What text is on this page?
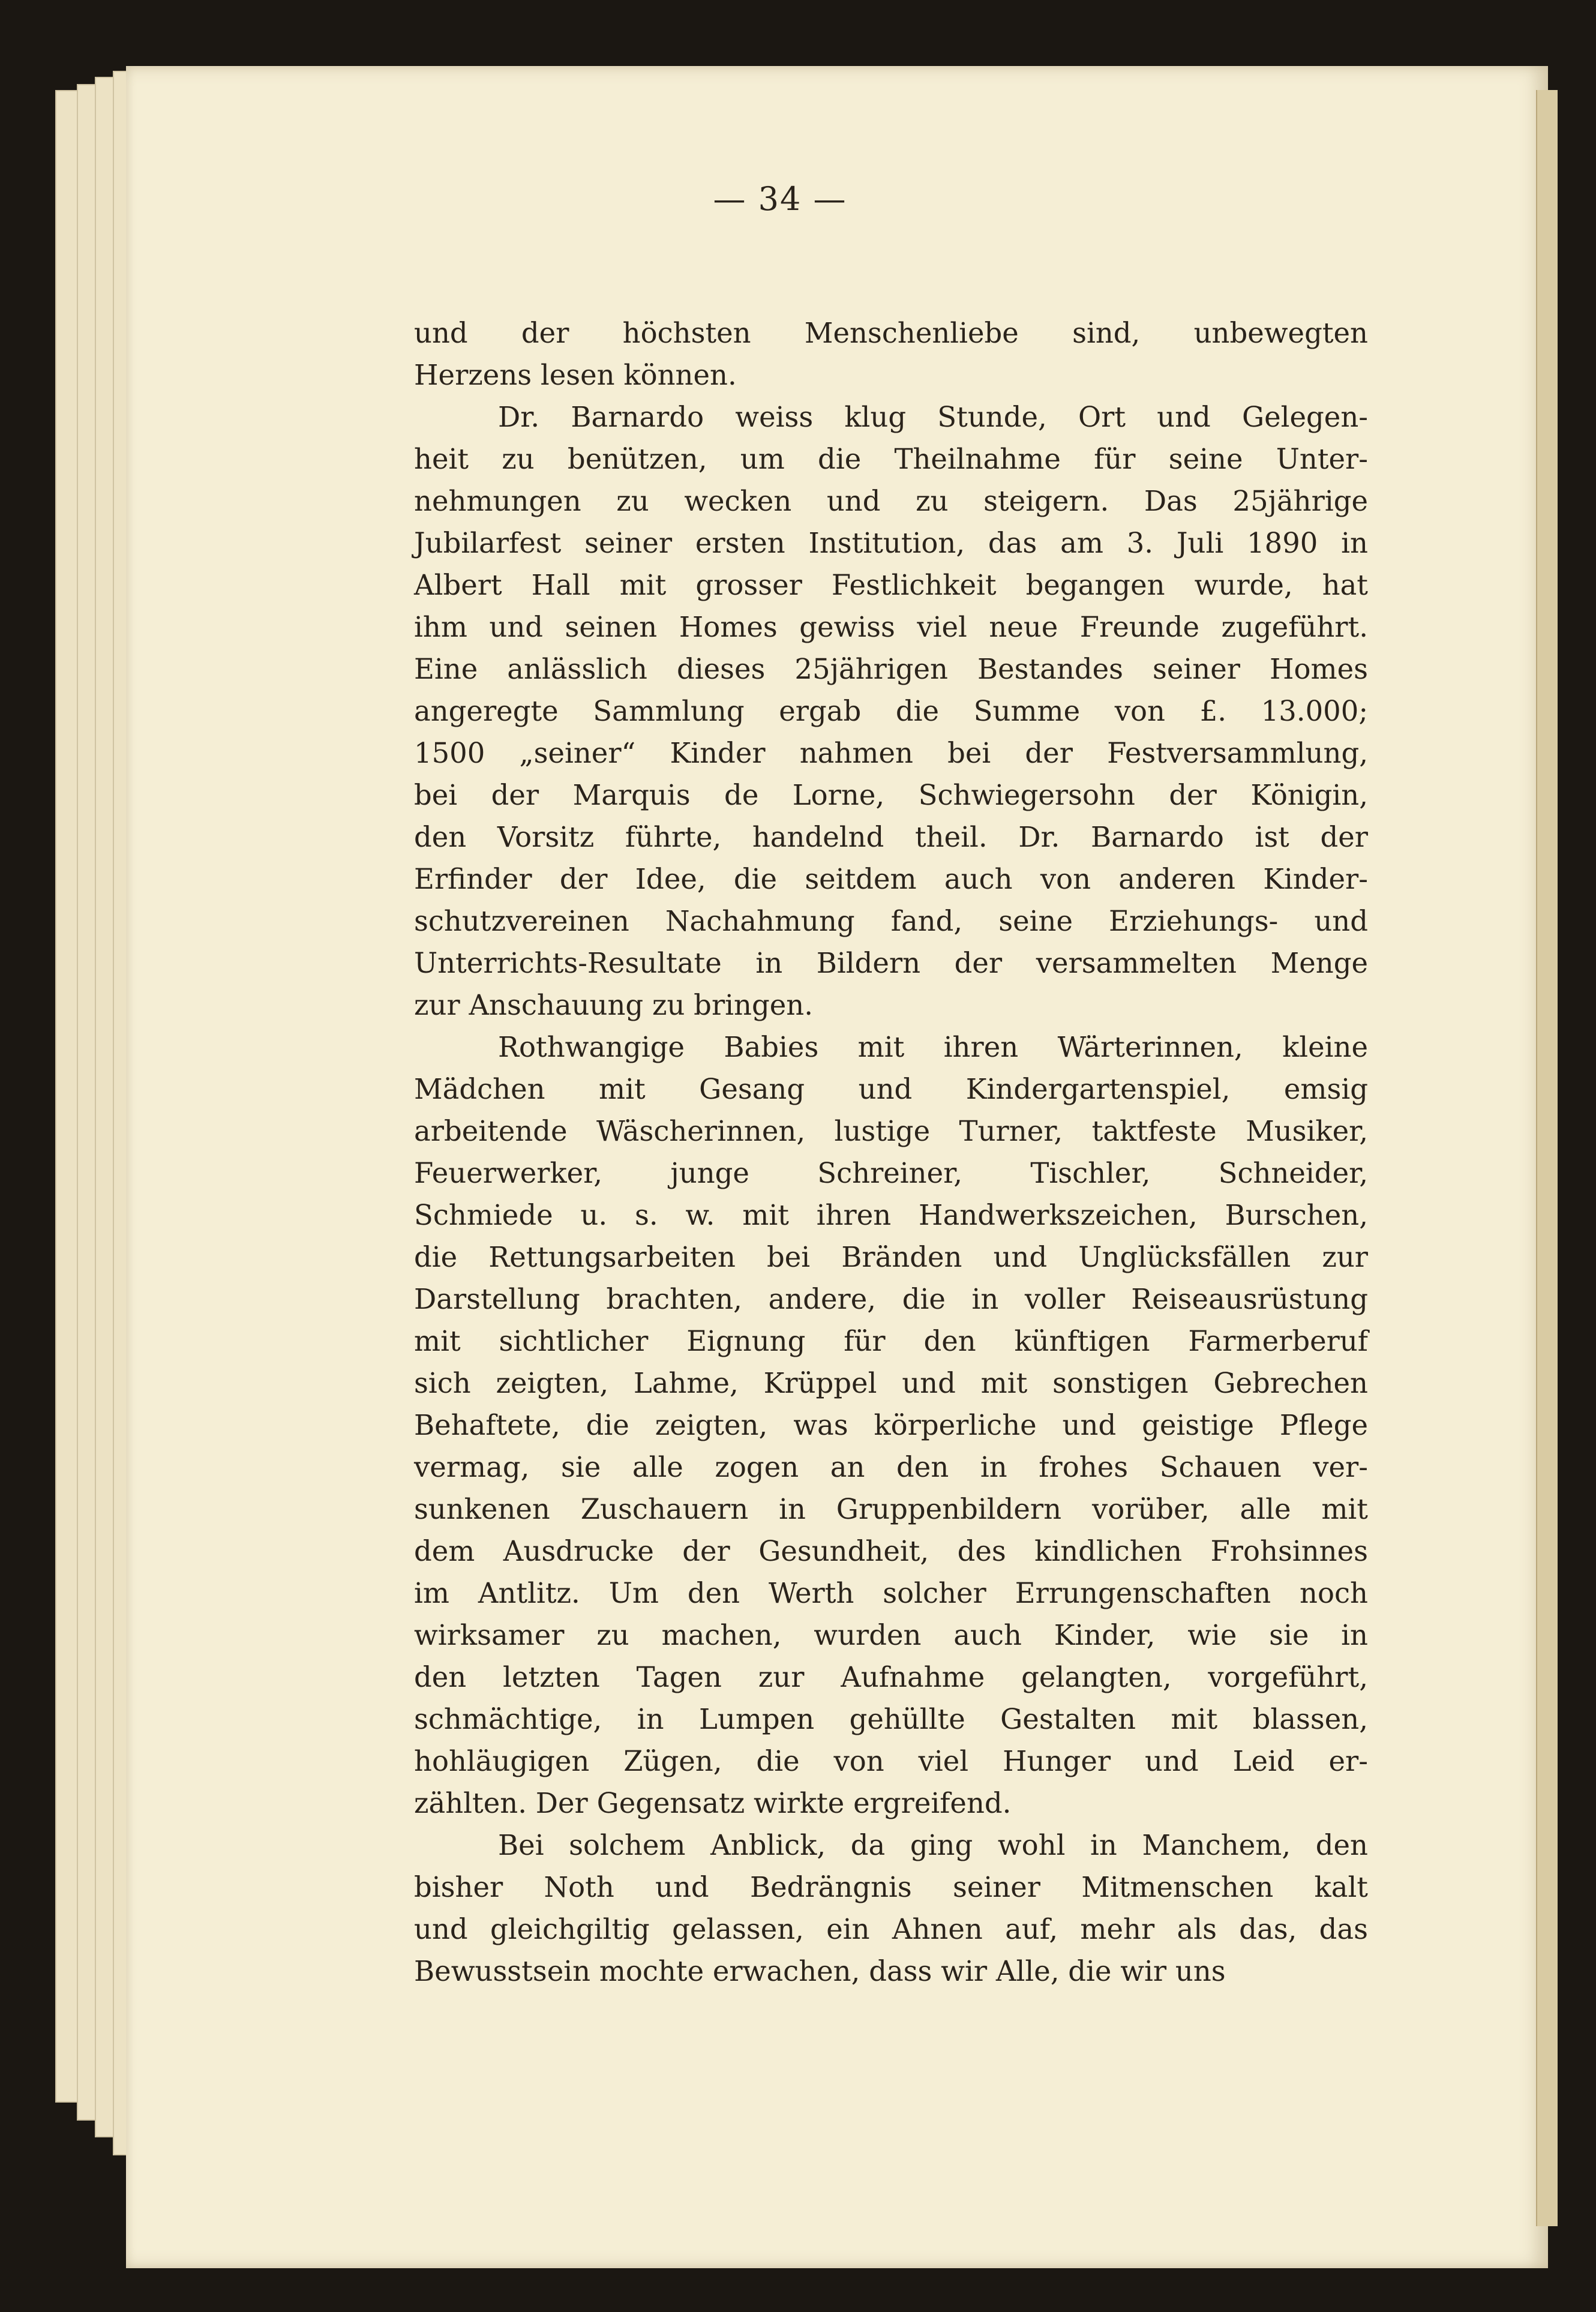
— 34 —

und der höchsten Menschenliebe sind, unbewegten
Herzens lesen können.

Dr. Barnardo weiss klug Stunde, Ort und Gelegen-
heit zu benützen, um die Theilnahme für seine Unter-
nehmungen zu wecken und zu steigern. Das 25jährige
Jubilarfest seiner ersten Institution, das am 3. Juli 1890 in
Albert Hall mit grosser Festlichkeit begangen wurde, hat
ihm und seinen Homes gewiss viel neue Freunde zugeführt.
Eine anlässlich dieses 25jährigen Bestandes seiner Homes
angeregte Sammlung ergab die Summe von £. 13.000;
1500 „seiner“ Kinder nahmen bei der Festversammlung,
bei der Marquis de Lorne, Schwiegersohn der Königin,
den Vorsitz führte, handelnd theil. Dr. Barnardo ist der
Erfinder der Idee, die seitdem auch von anderen Kinder-
schutzvereinen Nachahmung fand, seine Erziehungs- und
Unterrichts-Resultate in Bildern der versammelten Menge
zur Anschauung zu bringen.

Rothwangige Babies mit ihren Wärterinnen, kleine
Mädchen mit Gesang und Kindergartenspiel, emsig
arbeitende Wäscherinnen, lustige Turner, taktfeste Musiker,
Feuerwerker, junge Schreiner, Tischler, Schneider,
Schmiede u. s. w. mit ihren Handwerkszeichen, Burschen,
die Rettungsarbeiten bei Bränden und Unglücksfällen zur
Darstellung brachten, andere, die in voller Reiseausrüstung
mit sichtlicher Eignung für den künftigen Farmerberuf
sich zeigten, Lahme, Krüppel und mit sonstigen Gebrechen
Behaftete, die zeigten, was körperliche und geistige Pflege
vermag, sie alle zogen an den in frohes Schauen ver-
sunkenen Zuschauern in Gruppenbildern vorüber, alle mit
dem Ausdrucke der Gesundheit, des kindlichen Frohsinnes
im Antlitz. Um den Werth solcher Errungenschaften noch
wirksamer zu machen, wurden auch Kinder, wie sie in
den letzten Tagen zur Aufnahme gelangten, vorgeführt,
schmächtige, in Lumpen gehüllte Gestalten mit blassen,
hohläugigen Zügen, die von viel Hunger und Leid er-
zählten. Der Gegensatz wirkte ergreifend.

Bei solchem Anblick, da ging wohl in Manchem, den
bisher Noth und Bedrängnis seiner Mitmenschen kalt
und gleichgiltig gelassen, ein Ahnen auf, mehr als das, das
Bewusstsein mochte erwachen, dass wir Alle, die wir uns
